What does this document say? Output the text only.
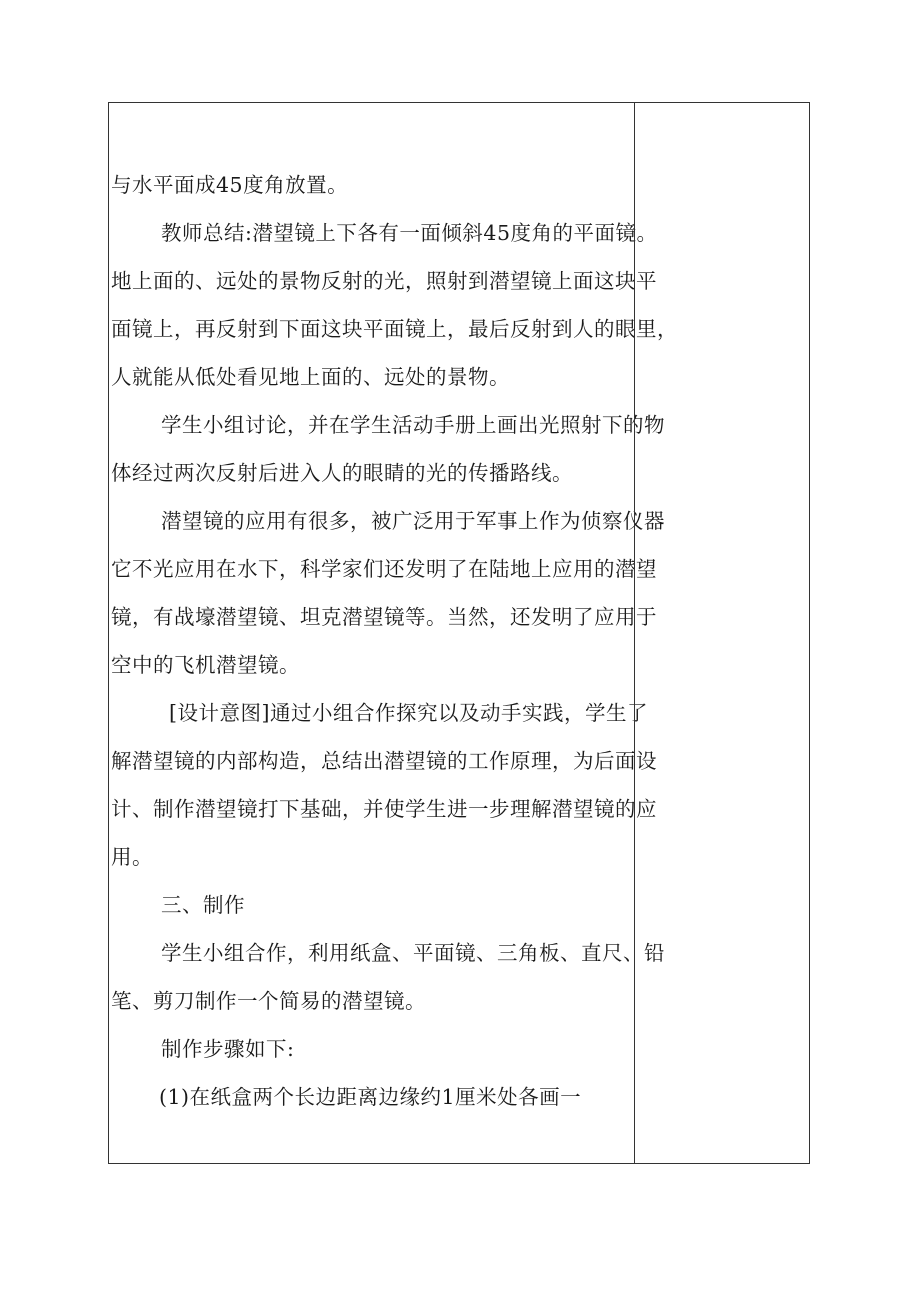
与水平面成45度角放置。
教师总结:潜望镜上下各有一面倾斜45度角的平面镜。
地上面的、远处的景物反射的光，照射到潜望镜上面这块平
面镜上，再反射到下面这块平面镜上，最后反射到人的眼里，
人就能从低处看见地上面的、远处的景物。
学生小组讨论，并在学生活动手册上画出光照射下的物
体经过两次反射后进入人的眼睛的光的传播路线。
潜望镜的应用有很多，被广泛用于军事上作为侦察仪器
它不光应用在水下，科学家们还发明了在陆地上应用的潜望
镜，有战壕潜望镜、坦克潜望镜等。当然，还发明了应用于
空中的飞机潜望镜。
[设计意图]通过小组合作探究以及动手实践，学生了
解潜望镜的内部构造，总结出潜望镜的工作原理，为后面设
计、制作潜望镜打下基础，并使学生进一步理解潜望镜的应
用。
三、制作
学生小组合作，利用纸盒、平面镜、三角板、直尺、铅
笔、剪刀制作一个简易的潜望镜。
制作步骤如下:
(1)在纸盒两个长边距离边缘约1厘米处各画一
